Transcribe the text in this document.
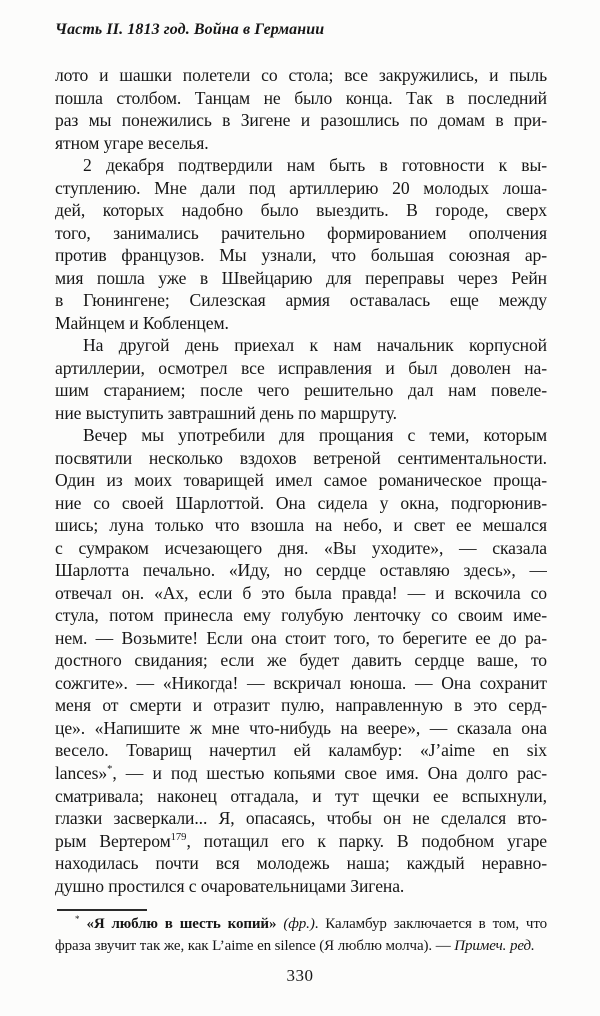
Часть II. 1813 год. Война в Германии
лото и шашки полетели со стола; все закружились, и пыль
пошла столбом. Танцам не было конца. Так в последний
раз мы понежились в Зигене и разошлись по домам в при-
ятном угаре веселья.
2 декабря подтвердили нам быть в готовности к вы-
ступлению. Мне дали под артиллерию 20 молодых лоша-
дей, которых надобно было выездить. В городе, сверх
того, занимались рачительно формированием ополчения
против французов. Мы узнали, что большая союзная ар-
мия пошла уже в Швейцарию для переправы через Рейн
в Гюнингене; Силезская армия оставалась еще между
Майнцем и Кобленцем.
На другой день приехал к нам начальник корпусной
артиллерии, осмотрел все исправления и был доволен на-
шим старанием; после чего решительно дал нам повеле-
ние выступить завтрашний день по маршруту.
Вечер мы употребили для прощания с теми, которым
посвятили несколько вздохов ветреной сентиментальности.
Один из моих товарищей имел самое романическое проща-
ние со своей Шарлоттой. Она сидела у окна, подгорюнив-
шись; луна только что взошла на небо, и свет ее мешался
с сумраком исчезающего дня. «Вы уходите», — сказала
Шарлотта печально. «Иду, но сердце оставляю здесь», —
отвечал он. «Ах, если б это была правда! — и вскочила со
стула, потом принесла ему голубую ленточку со своим име-
нем. — Возьмите! Если она стоит того, то берегите ее до ра-
достного свидания; если же будет давить сердце ваше, то
сожгите». — «Никогда! — вскричал юноша. — Она сохранит
меня от смерти и отразит пулю, направленную в это серд-
це». «Напишите ж мне что-нибудь на веере», — сказала она
весело. Товарищ начертил ей каламбур: «J’aime en six
lances»*, — и под шестью копьями свое имя. Она долго рас-
сматривала; наконец отгадала, и тут щечки ее вспыхнули,
глазки засверкали... Я, опасаясь, чтобы он не сделался вто-
рым Вертером$^{179}$, потащил его к парку. В подобном угаре
находилась почти вся молодежь наша; каждый неравно-
душно простился с очаровательницами Зигена.
* «Я люблю в шесть копий» (фр.). Каламбур заключается в том, что
фраза звучит так же, как L’aime en silence (Я люблю молча). — Примеч. ред.
330
